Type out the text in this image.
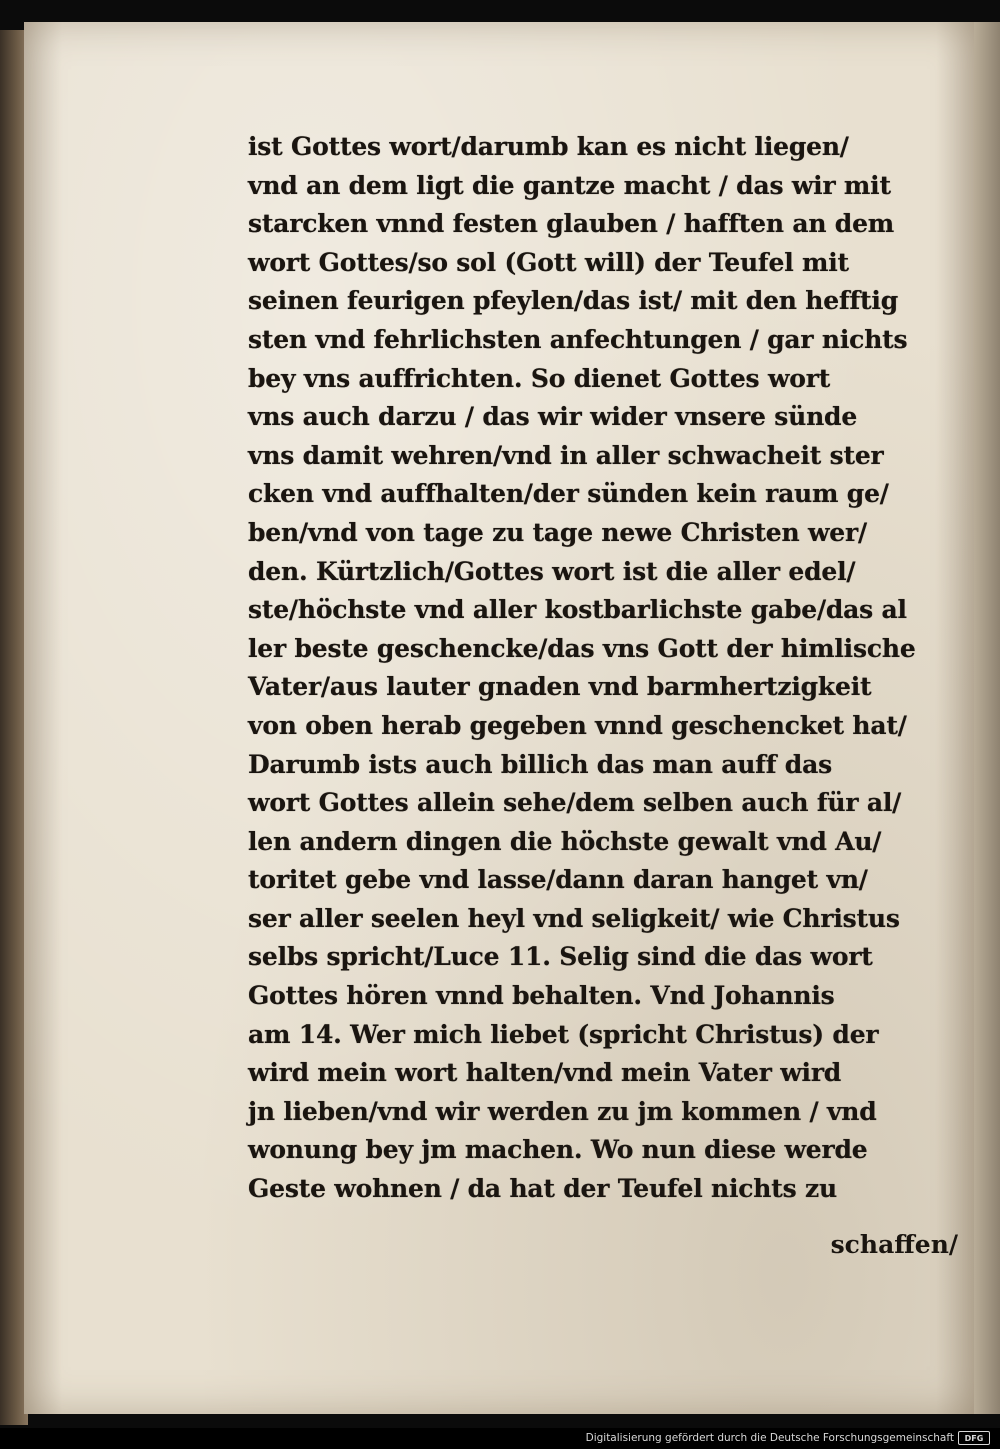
ist Gottes wort/darumb kan es nicht liegen/
vnd an dem ligt die gantze macht / das wir mit
starcken vnnd festen glauben / hafften an dem
wort Gottes/so sol (Gott will) der Teufel mit
seinen feurigen pfeylen/das ist/ mit den hefftig
sten vnd fehrlichsten anfechtungen / gar nichts
bey vns auffrichten. So dienet Gottes wort
vns auch darzu / das wir wider vnsere sünde
vns damit wehren/vnd in aller schwacheit ster
cken vnd auffhalten/der sünden kein raum ge/
ben/vnd von tage zu tage newe Christen wer/
den. Kürtzlich/Gottes wort ist die aller edel/
ste/höchste vnd aller kostbarlichste gabe/das al
ler beste geschencke/das vns Gott der himlische
Vater/aus lauter gnaden vnd barmhertzigkeit
von oben herab gegeben vnnd geschencket hat/
Darumb ists auch billich das man auff das
wort Gottes allein sehe/dem selben auch für al/
len andern dingen die höchste gewalt vnd Au/
toritet gebe vnd lasse/dann daran hanget vn/
ser aller seelen heyl vnd seligkeit/ wie Christus
selbs spricht/Luce 11. Selig sind die das wort
Gottes hören vnnd behalten. Vnd Johannis
am 14. Wer mich liebet (spricht Christus) der
wird mein wort halten/vnd mein Vater wird
jn lieben/vnd wir werden zu jm kommen / vnd
wonung bey jm machen. Wo nun diese werde
Geste wohnen / da hat der Teufel nichts zu
schaffen/
Digitalisierung gefördert durch die Deutsche Forschungsgemeinschaft	DFG
